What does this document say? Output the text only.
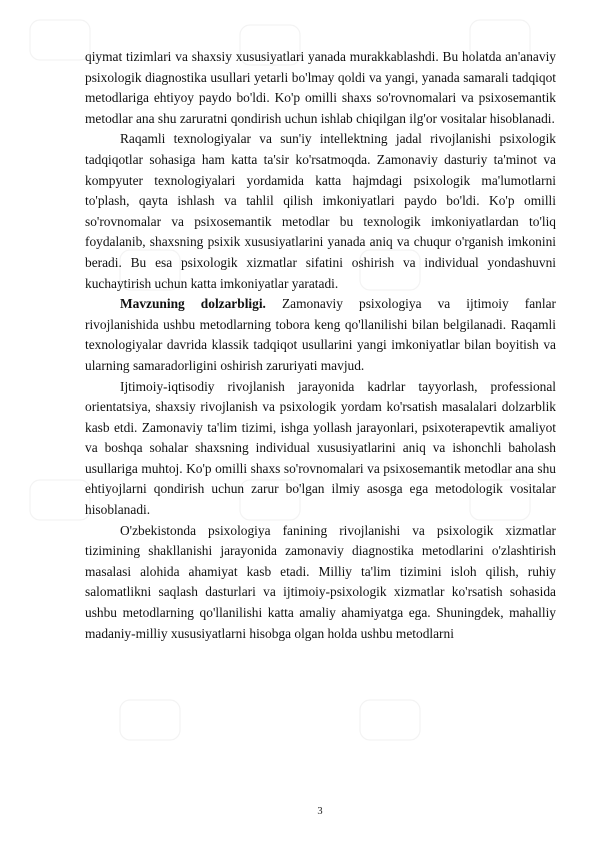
qiymat tizimlari va shaxsiy xususiyatlari yanada murakkablashdi. Bu holatda an'anaviy psixologik diagnostika usullari yetarli bo'lmay qoldi va yangi, yanada samarali tadqiqot metodlariga ehtiyoy paydo bo'ldi. Ko'p omilli shaxs so'rovnomalari va psixosemantik metodlar ana shu zaruratni qondirish uchun ishlab chiqilgan ilg'or vositalar hisoblanadi.

Raqamli texnologiyalar va sun'iy intellektning jadal rivojlanishi psixologik tadqiqotlar sohasiga ham katta ta'sir ko'rsatmoqda. Zamonaviy dasturiy ta'minot va kompyuter texnologiyalari yordamida katta hajmdagi psixologik ma'lumotlarni to'plash, qayta ishlash va tahlil qilish imkoniyatlari paydo bo'ldi. Ko'p omilli so'rovnomalar va psixosemantik metodlar bu texnologik imkoniyatlardan to'liq foydalanib, shaxsning psixik xususiyatlarini yanada aniq va chuqur o'rganish imkonini beradi. Bu esa psixologik xizmatlar sifatini oshirish va individual yondashuvni kuchaytirish uchun katta imkoniyatlar yaratadi.

Mavzuning dolzarbligi. Zamonaviy psixologiya va ijtimoiy fanlar rivojlanishida ushbu metodlarning tobora keng qo'llanilishi bilan belgilanadi. Raqamli texnologiyalar davrida klassik tadqiqot usullarini yangi imkoniyatlar bilan boyitish va ularning samaradorligini oshirish zaruriyati mavjud.

Ijtimoiy-iqtisodiy rivojlanish jarayonida kadrlar tayyorlash, professional orientatsiya, shaxsiy rivojlanish va psixologik yordam ko'rsatish masalalari dolzarblik kasb etdi. Zamonaviy ta'lim tizimi, ishga yollash jarayonlari, psixoterapevtik amaliyot va boshqa sohalar shaxsning individual xususiyatlarini aniq va ishonchli baholash usullariga muhtoj. Ko'p omilli shaxs so'rovnomalari va psixosemantik metodlar ana shu ehtiyojlarni qondirish uchun zarur bo'lgan ilmiy asosga ega metodologik vositalar hisoblanadi.

O'zbekistonda psixologiya fanining rivojlanishi va psixologik xizmatlar tizimining shakllanishi jarayonida zamonaviy diagnostika metodlarini o'zlashtirish masalasi alohida ahamiyat kasb etadi. Milliy ta'lim tizimini isloh qilish, ruhiy salomatlikni saqlash dasturlari va ijtimoiy-psixologik xizmatlar ko'rsatish sohasida ushbu metodlarning qo'llanilishi katta amaliy ahamiyatga ega. Shuningdek, mahalliy madaniy-milliy xususiyatlarni hisobga olgan holda ushbu metodlarni

3
